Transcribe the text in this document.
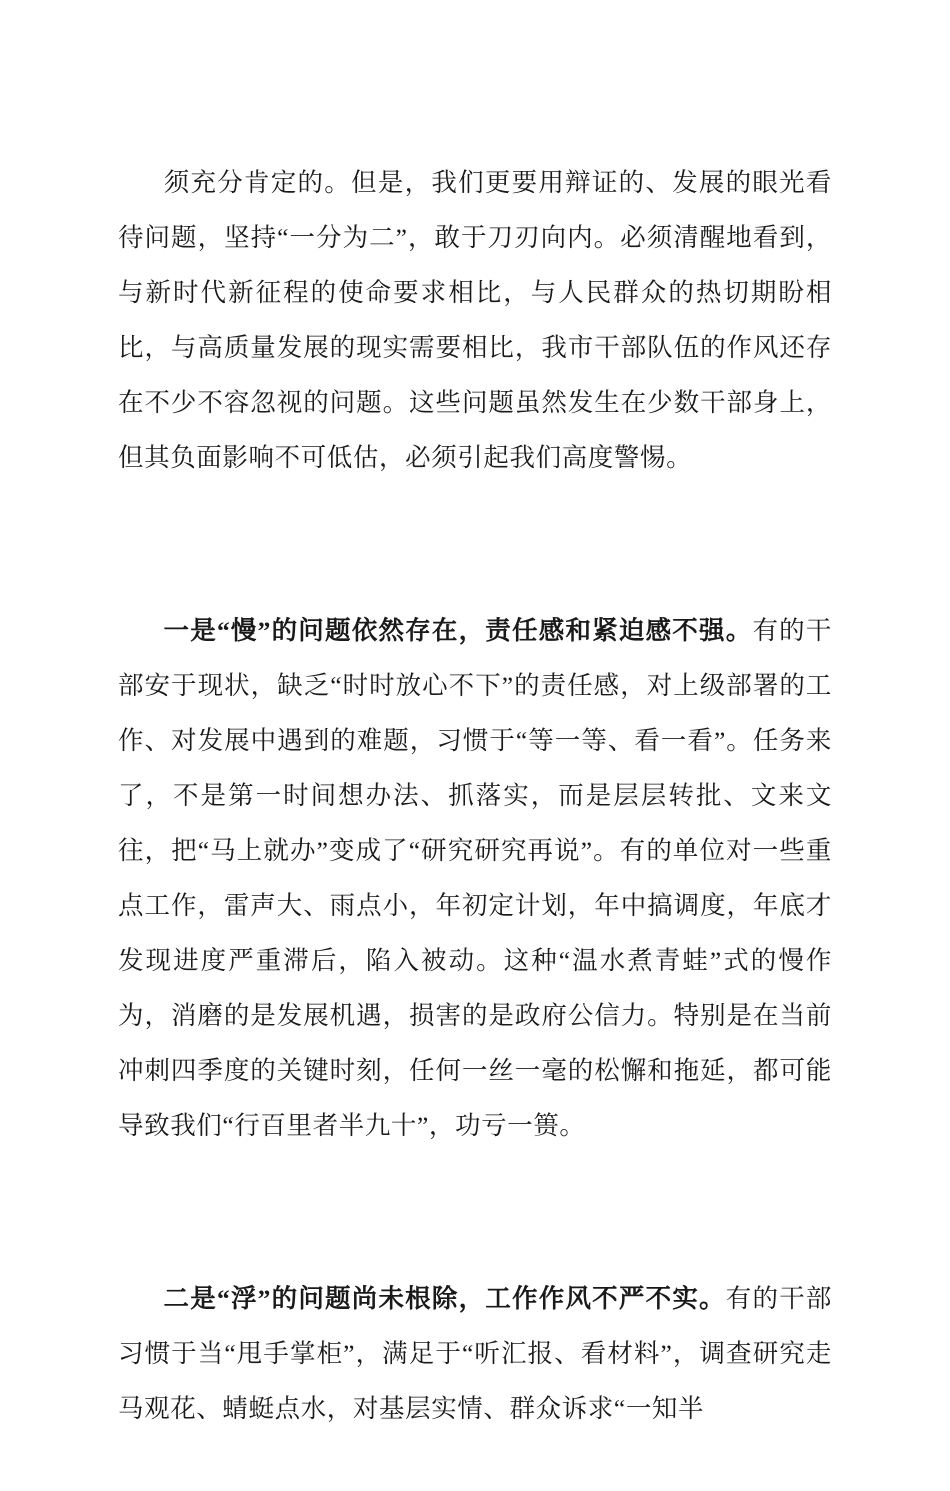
须充分肯定的。但是，我们更要用辩证的、发展的眼光看待问题，坚持“一分为二”，敢于刀刃向内。必须清醒地看到，与新时代新征程的使命要求相比，与人民群众的热切期盼相比，与高质量发展的现实需要相比，我市干部队伍的作风还存在不少不容忽视的问题。这些问题虽然发生在少数干部身上，但其负面影响不可低估，必须引起我们高度警惕。

一是“慢”的问题依然存在，责任感和紧迫感不强。有的干部安于现状，缺乏“时时放心不下”的责任感，对上级部署的工作、对发展中遇到的难题，习惯于“等一等、看一看”。任务来了，不是第一时间想办法、抓落实，而是层层转批、文来文往，把“马上就办”变成了“研究研究再说”。有的单位对一些重点工作，雷声大、雨点小，年初定计划，年中搞调度，年底才发现进度严重滞后，陷入被动。这种“温水煮青蛙”式的慢作为，消磨的是发展机遇，损害的是政府公信力。特别是在当前冲刺四季度的关键时刻，任何一丝一毫的松懈和拖延，都可能导致我们“行百里者半九十”，功亏一篑。

二是“浮”的问题尚未根除，工作作风不严不实。有的干部习惯于当“甩手掌柜”，满足于“听汇报、看材料”，调查研究走马观花、蜻蜓点水，对基层实情、群众诉求“一知半
